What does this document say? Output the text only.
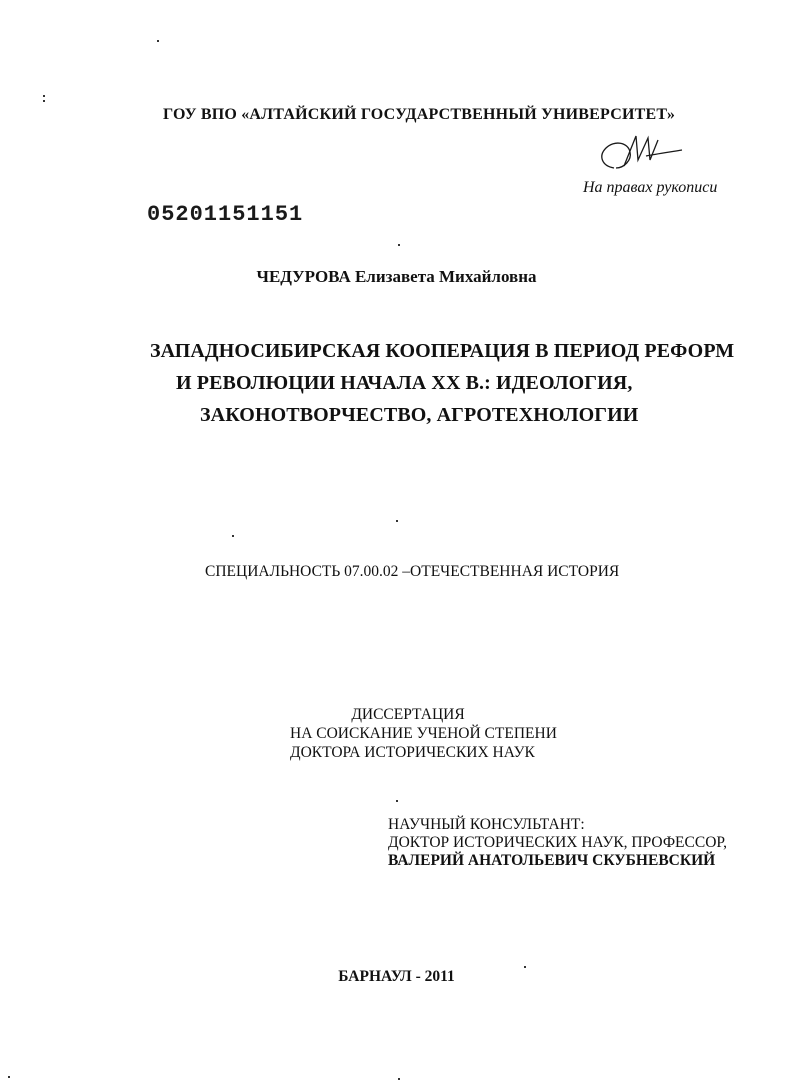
ГОУ ВПО «АЛТАЙСКИЙ ГОСУДАРСТВЕННЫЙ УНИВЕРСИТЕТ»
На правах рукописи
05201151151
ЧЕДУРОВА Елизавета Михайловна
ЗАПАДНОСИБИРСКАЯ КООПЕРАЦИЯ В ПЕРИОД РЕФОРМ
И РЕВОЛЮЦИИ НАЧАЛА XX В.: ИДЕОЛОГИЯ,
ЗАКОНОТВОРЧЕСТВО, АГРОТЕХНОЛОГИИ
СПЕЦИАЛЬНОСТЬ 07.00.02 –ОТЕЧЕСТВЕННАЯ ИСТОРИЯ
ДИССЕРТАЦИЯ
НА СОИСКАНИЕ УЧЕНОЙ СТЕПЕНИ
ДОКТОРА ИСТОРИЧЕСКИХ НАУК
НАУЧНЫЙ КОНСУЛЬТАНТ:
ДОКТОР ИСТОРИЧЕСКИХ НАУК, ПРОФЕССОР,
ВАЛЕРИЙ АНАТОЛЬЕВИЧ СКУБНЕВСКИЙ
БАРНАУЛ - 2011
